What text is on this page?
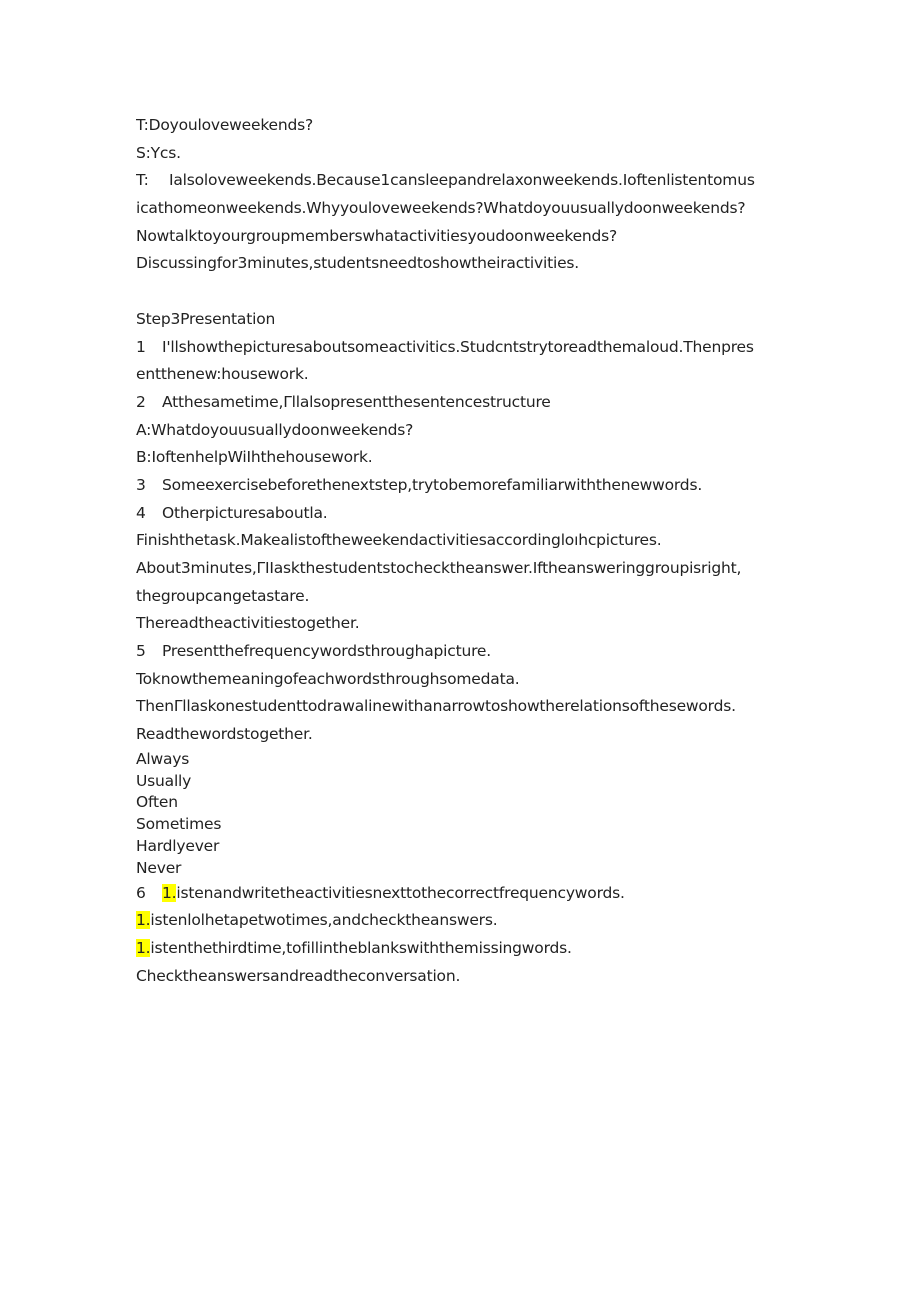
T:Doyouloveweekends?
S:Ycs.
T: Ialsoloveweekends.Because1cansleepandrelaxonweekends.Ioftenlistentomus
icathomeonweekends.Whyyouloveweekends?Whatdoyouusuallydoonweekends?
Nowtalktoyourgroupmemberswhatactivitiesyoudoonweekends?
Discussingfor3minutes,studentsneedtoshowtheiractivities.
Step3Presentation
1 I'llshowthepicturesaboutsomeactivitics.Studcntstrytoreadthemaloud.Thenpres
entthenew:housework.
2 Atthesametime,Γllalsopresentthesentencestructure
A:Whatdoyouusuallydoonweekends?
B:IoftenhelpWiIhthehousework.
3 Someexercisebeforethenextstep,trytobemorefamiliarwiththenewwords.
4 Otherpicturesaboutla.
Finishthetask.Makealistoftheweekendactivitiesaccordingloıhcpictures.
About3minutes,ΓIIaskthestudentstochecktheanswer.Iftheansweringgroupisright,
thegroupcangetastare.
Thereadtheactivitiestogether.
5 Presentthefrequencywordsthroughapicture.
Toknowthemeaningofeachwordsthroughsomedata.
ThenΓllaskonestudenttodrawalinewithanarrowtoshowtherelationsofthesewords.
Readthewordstogether.
Always
Usually
Often
Sometimes
Hardlyever
Never
6 1.istenandwritetheactivitiesnexttothecorrectfrequencywords.
1.istenlolhetapetwotimes,andchecktheanswers.
1.istenthethirdtime,tofillintheblankswiththemissingwords.
Checktheanswersandreadtheconversation.
